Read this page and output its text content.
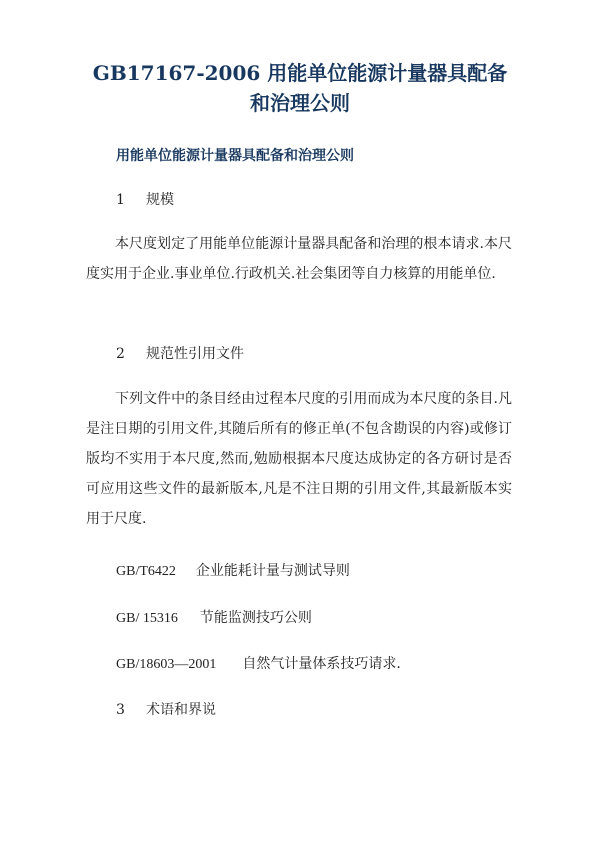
GB17167-2006 用能单位能源计量器具配备
和治理公则

用能单位能源计量器具配备和治理公则

1 规模

本尺度划定了用能单位能源计量器具配备和治理的根本请求.本尺度实用于企业.事业单位.行政机关.社会集团等自力核算的用能单位.

2 规范性引用文件

下列文件中的条目经由过程本尺度的引用而成为本尺度的条目.凡是注日期的引用文件,其随后所有的修正单(不包含勘误的内容)或修订版均不实用于本尺度,然而,勉励根据本尺度达成协定的各方研讨是否可应用这些文件的最新版本,凡是不注日期的引用文件,其最新版本实用于尺度.

GB/T6422 企业能耗计量与测试导则

GB/ 15316 节能监测技巧公则

GB/18603—2001 自然气计量体系技巧请求.

3 术语和界说
